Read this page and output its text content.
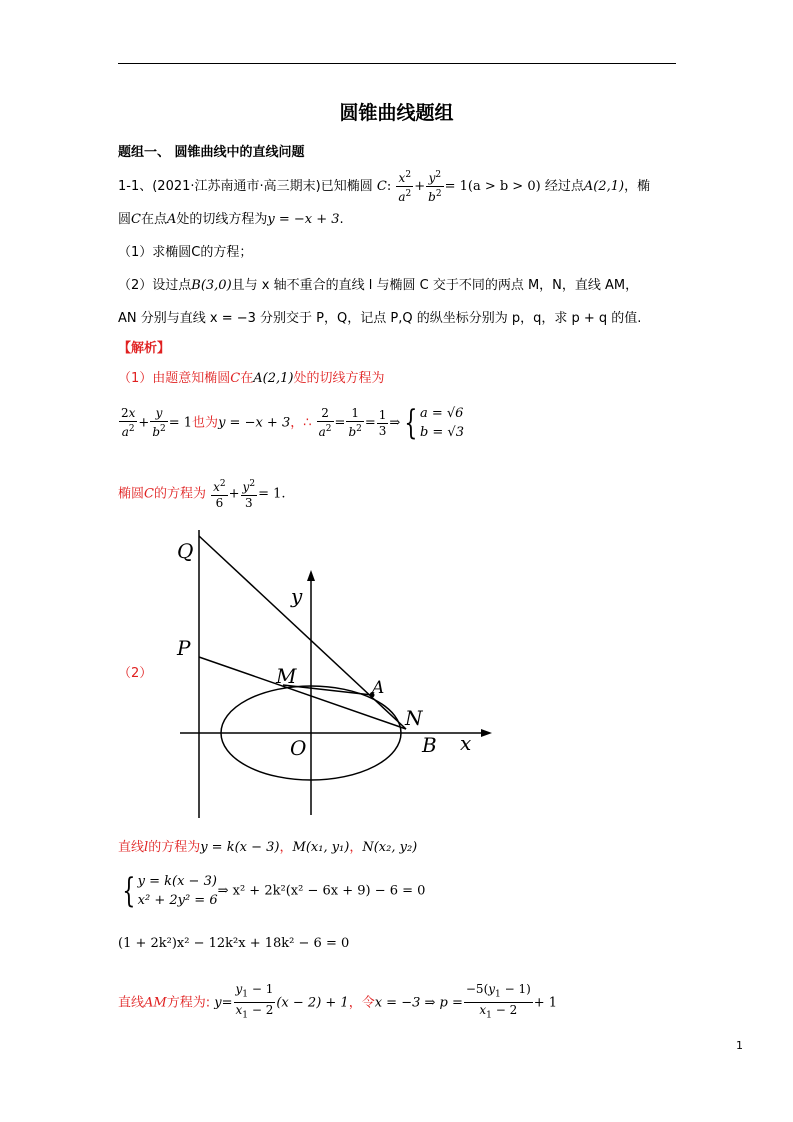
圆锥曲线题组
题组一、 圆锥曲线中的直线问题
1-1、(2021·江苏南通市·高三期末)已知椭圆 C: $\frac{x^2}{a^2} + \frac{y^2}{b^2} = 1(a > b > 0)$ 经过点A(2,1)，椭
圆C在点A处的切线方程为y = −x + 3.
（1）求椭圆C的方程；
（2）设过点B(3,0)且与 x 轴不重合的直线 l 与椭圆 C 交于不同的两点 M，N，直线 AM，
AN 分别与直线 x = −3 分别交于 P，Q，记点 P,Q 的纵坐标分别为 p，q，求 p + q 的值.
【解析】
（1）由题意知椭圆C在A(2,1)处的切线方程为
$\frac{2x}{a^2} + \frac{y}{b^2} = 1$也为y = −x + 3，∴ $\frac{2}{a^2} = \frac{1}{b^2} = \frac{1}{3}$ ⇒ { a = √6
b = √3
椭圆C的方程为 $\frac{x^2}{6} + \frac{y^2}{3} = 1$.
（2）
Q
P
M	A
N
B
O	x
y
直线l的方程为y = k(x − 3)，M(x₁, y₁)，N(x₂, y₂)
{ y = k(x − 3)
x² + 2y² = 6
⇒ x² + 2k²(x² − 6x + 9) − 6 = 0
(1 + 2k²)x² − 12k²x + 18k² − 6 = 0
直线AM方程为: $y= \frac{y_1 - 1}{x_1 - 2} (x - 2) + 1$，令x = −3 ⇒ $p = \frac{-5(y_1 - 1)}{x_1 - 2} + 1$
1
